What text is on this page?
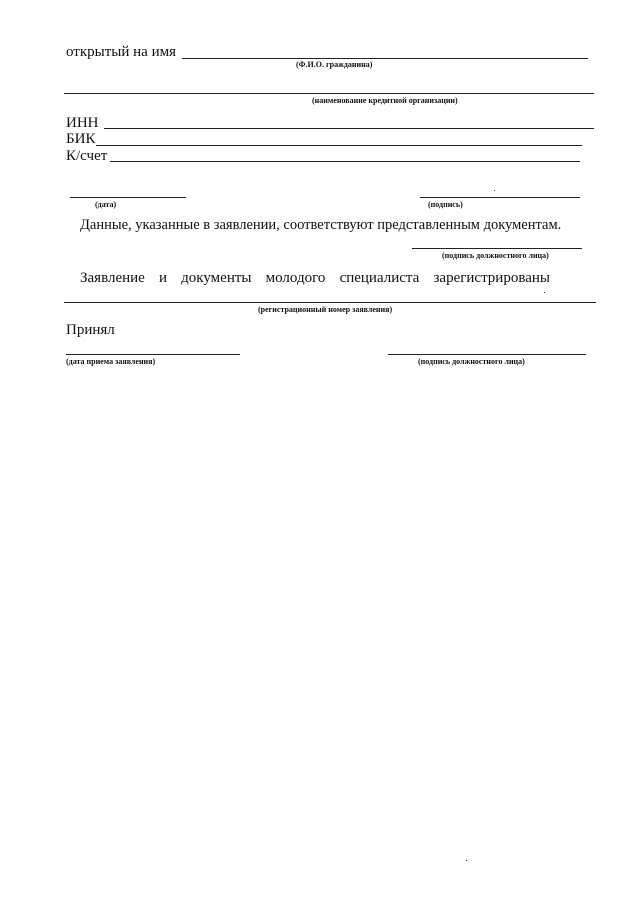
открытый на имя
(Ф.И.О. гражданина)
(наименование кредитной организации)
ИНН
БИК
К/счет
(дата)	(подпись)
Данные, указанные в заявлении, соответствуют представленным документам.
(подпись должностного лица)
Заявление и документы молодого специалиста зарегистрированы
(регистрационный номер заявления)
Принял
(дата приема заявления)	(подпись должностного лица)
